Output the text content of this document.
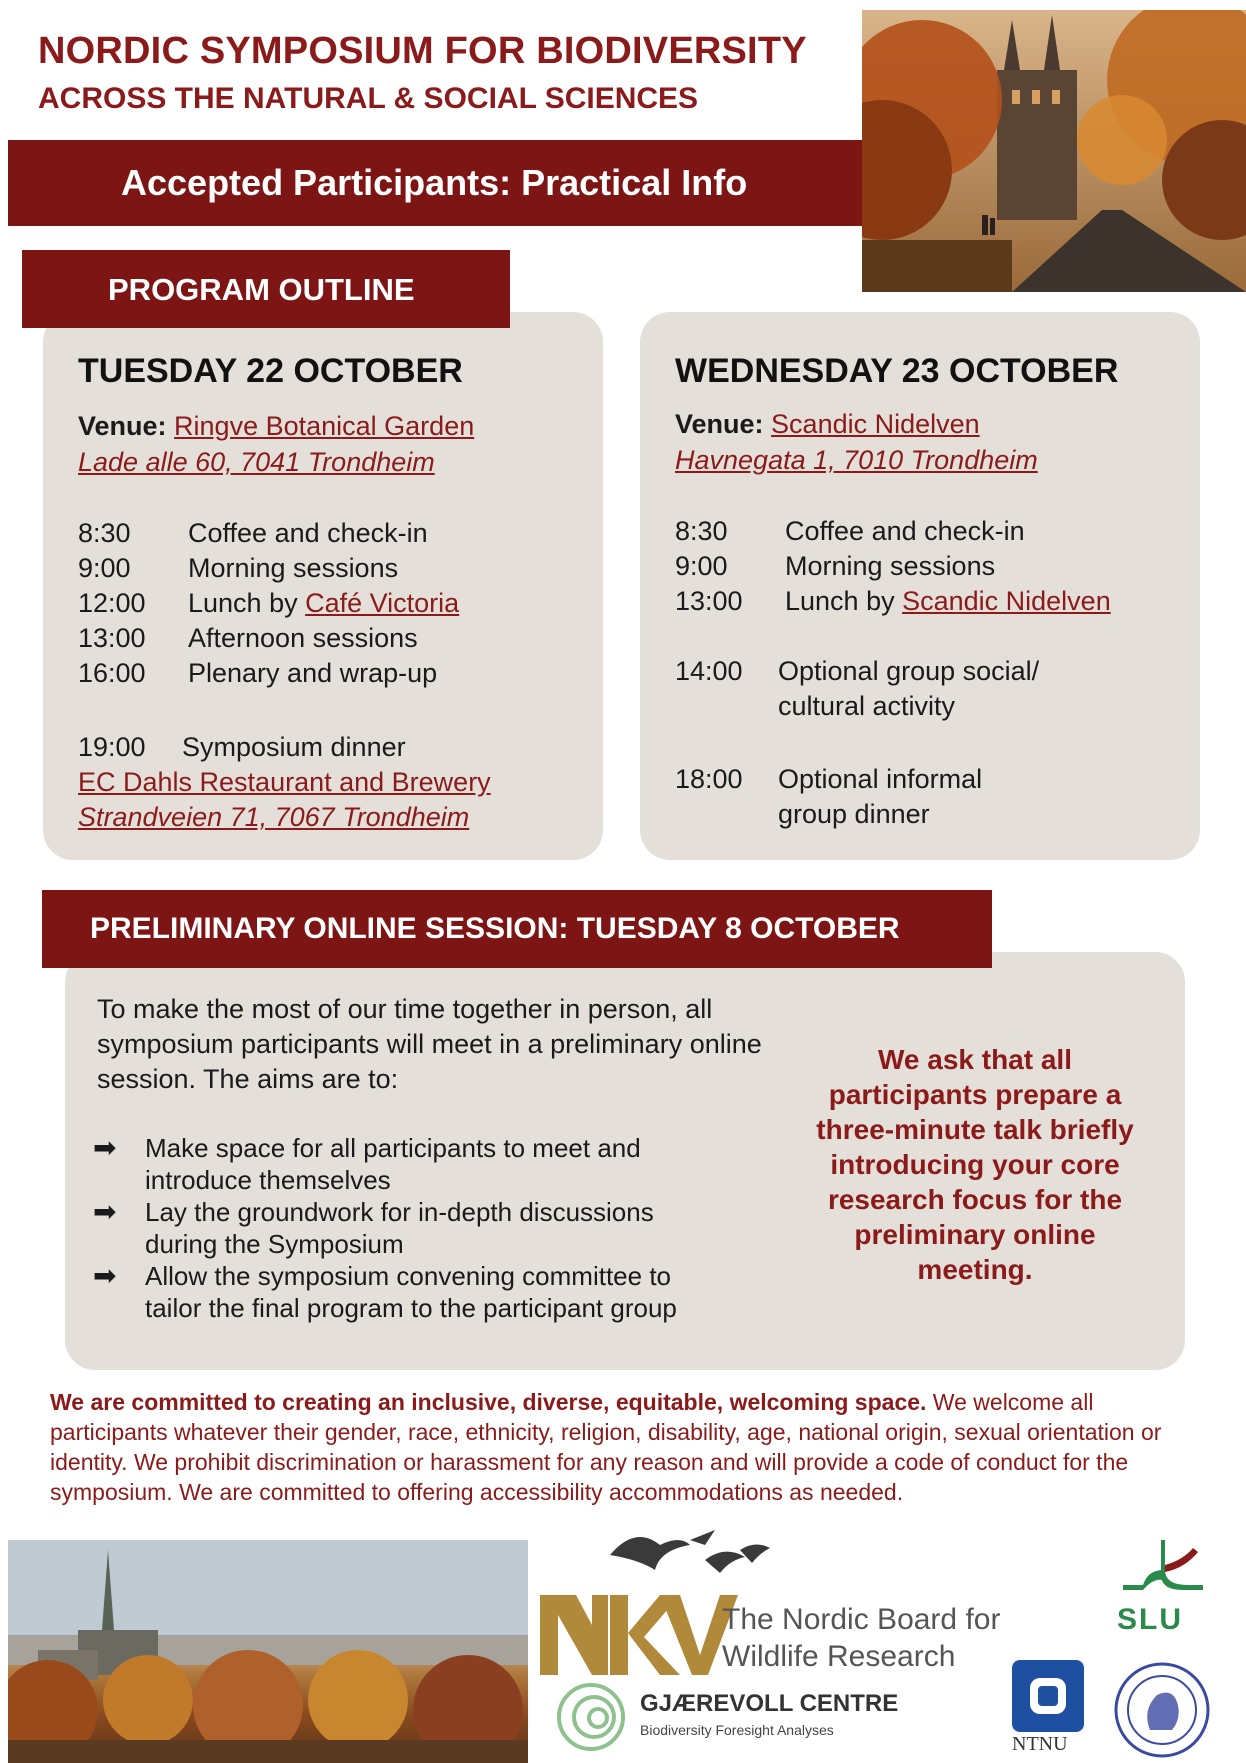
NORDIC SYMPOSIUM FOR BIODIVERSITY
ACROSS THE NATURAL & SOCIAL SCIENCES
Accepted Participants: Practical Info
PROGRAM OUTLINE
TUESDAY 22 OCTOBER
Venue: Ringve Botanical Garden
Lade alle 60, 7041 Trondheim
8:30	Coffee and check-in
9:00	Morning sessions
12:00	Lunch by Café Victoria
13:00	Afternoon sessions
16:00	Plenary and wrap-up
19:00 Symposium dinner
EC Dahls Restaurant and Brewery
Strandveien 71, 7067 Trondheim
WEDNESDAY 23 OCTOBER
Venue: Scandic Nidelven
Havnegata 1, 7010 Trondheim
8:30	Coffee and check-in
9:00	Morning sessions
13:00	Lunch by Scandic Nidelven
14:00	Optional group social/
cultural activity
18:00	Optional informal
group dinner
PRELIMINARY ONLINE SESSION: TUESDAY 8 OCTOBER
To make the most of our time together in person, all symposium participants will meet in a preliminary online session. The aims are to:
➡	Make space for all participants to meet and introduce themselves
➡	Lay the groundwork for in-depth discussions during the Symposium
➡	Allow the symposium convening committee to tailor the final program to the participant group
We ask that all participants prepare a three-minute talk briefly introducing your core research focus for the preliminary online meeting.
We are committed to creating an inclusive, diverse, equitable, welcoming space. We welcome all participants whatever their gender, race, ethnicity, religion, disability, age, national origin, sexual orientation or identity. We prohibit discrimination or harassment for any reason and will provide a code of conduct for the symposium. We are committed to offering accessibility accommodations as needed.
The Nordic Board for
Wildlife Research
GJÆREVOLL CENTRE
Biodiversity Foresight Analyses
SLU
NTNU
